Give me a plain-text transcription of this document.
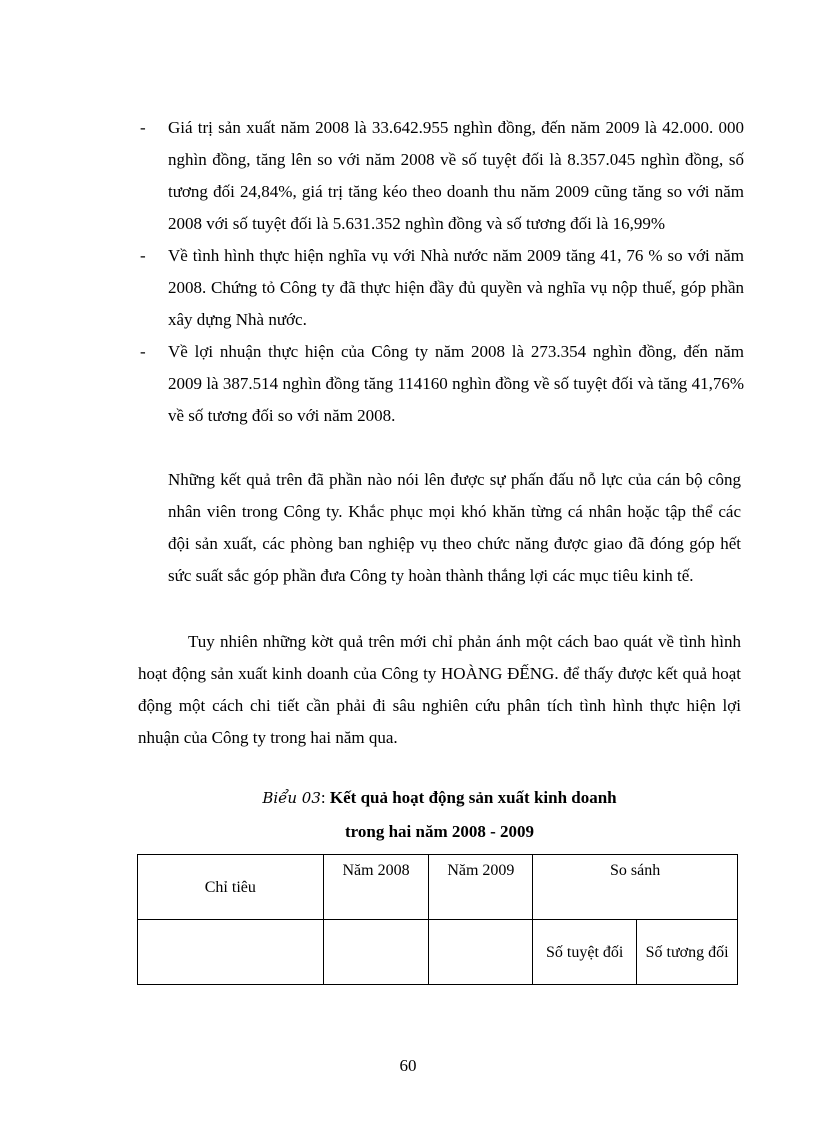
- Giá trị sản xuất năm 2008 là 33.642.955 nghìn đồng, đến năm 2009 là 42.000. 000 nghìn đồng, tăng lên so với năm 2008 về số tuyệt đối là 8.357.045 nghìn đồng, số tương đối 24,84%, giá trị tăng kéo theo doanh thu năm 2009 cũng tăng so với năm 2008 với số tuyệt đối là 5.631.352 nghìn đồng và số tương đối là 16,99%
- Về tình hình thực hiện nghĩa vụ với Nhà nước năm 2009 tăng 41, 76 % so với năm 2008. Chứng tỏ Công ty đã thực hiện đầy đủ quyền và nghĩa vụ nộp thuế, góp phần xây dựng Nhà nước.
- Về lợi nhuận thực hiện của Công ty năm 2008 là 273.354 nghìn đồng, đến năm 2009 là 387.514 nghìn đồng tăng 114160 nghìn đồng về số tuyệt đối và tăng 41,76% về số tương đối so với năm 2008.

Những kết quả trên đã phần nào nói lên được sự phấn đấu nỗ lực của cán bộ công nhân viên trong Công ty. Khắc phục mọi khó khăn từng cá nhân hoặc tập thể các đội sản xuất, các phòng ban nghiệp vụ theo chức năng được giao đã đóng góp hết sức suất sắc góp phần đưa Công ty hoàn thành thắng lợi các mục tiêu kinh tế.

Tuy nhiên những kờt quả trên mới chỉ phản ánh một cách bao quát về tình hình hoạt động sản xuất kinh doanh của Công ty HOÀNG ĐẾNG. để thấy được kết quả hoạt động một cách chi tiết cần phải đi sâu nghiên cứu phân tích tình hình thực hiện lợi nhuận của Công ty trong hai năm qua.

Biểu 03: Kết quả hoạt động sản xuất kinh doanh
trong hai năm 2008 - 2009
Chỉ tiêu	Năm 2008	Năm 2009	So sánh	
			Số tuyệt đối	Số tương đối
60
